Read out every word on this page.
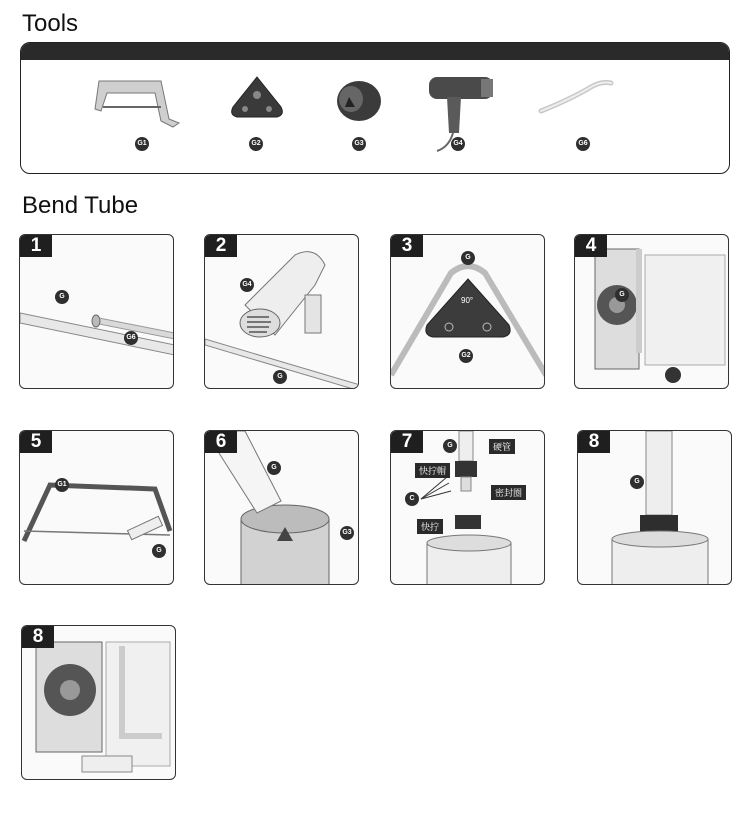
Tools
G1	G2	G3	G4	G6
Bend Tube
1
G
G6
2
G4
G
3
90°
G
G2
4
G
5
G1
G
6
G
G3
7	G
C
硬管
快拧帽
密封圈
快拧
8
G
8
